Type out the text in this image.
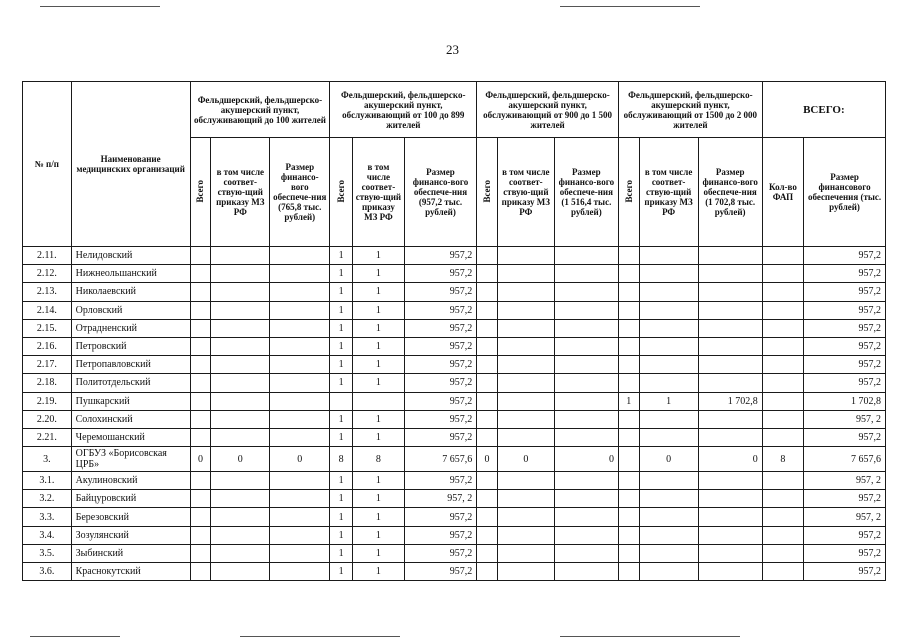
23
№ п/п	Наименование медицинских организаций	Фельдшерский, фельдшерско-акушерский пункт, обслуживающий до 100 жителей			Фельдшерский, фельдшерско-акушерский пункт, обслуживающий от 100 до 899 жителей			Фельдшерский, фельдшерско-акушерский пункт, обслуживающий от 900 до 1 500 жителей			Фельдшерский, фельдшерско-акушерский пункт, обслуживающий от 1500 до 2 000 жителей			ВСЕГО:	
		Всего	в том числе соответ-ствую-щий приказу МЗ РФ	Размер финансо-вого обеспече-ния (765,8 тыс. рублей)	Всего	в том числе соответ-ствую-щий приказу МЗ РФ	Размер финансо-вого обеспече-ния (957,2 тыс. рублей)	Всего	в том числе соответ-ствую-щий приказу МЗ РФ	Размер финансо-вого обеспече-ния (1 516,4 тыс. рублей)	Всего	в том числе соответ-ствую-щий приказу МЗ РФ	Размер финансо-вого обеспече-ния (1 702,8 тыс. рублей)	Кол-во ФАП	Размер финансового обеспечения (тыс. рублей)
2.11.	Нелидовский				1	1	957,2								957,2
2.12.	Нижнеольшанский				1	1	957,2								957,2
2.13.	Николаевский				1	1	957,2								957,2
2.14.	Орловский				1	1	957,2								957,2
2.15.	Отрадненский				1	1	957,2								957,2
2.16.	Петровский				1	1	957,2								957,2
2.17.	Петропавловский				1	1	957,2								957,2
2.18.	Политотдельский				1	1	957,2								957,2
2.19.	Пушкарский						957,2				1	1	1 702,8		1 702,8
2.20.	Солохинский				1	1	957,2								957, 2
2.21.	Черемошанский				1	1	957,2								957,2
3.	ОГБУЗ «Борисовская ЦРБ»	0	0	0	8	8	7 657,6	0	0	0		0	0	8	7 657,6
3.1.	Акулиновский				1	1	957,2								957, 2
3.2.	Байцуровский				1	1	957, 2								957,2
3.3.	Березовский				1	1	957,2								957, 2
3.4.	Зозулянский				1	1	957,2								957,2
3.5.	Зыбинский				1	1	957,2								957,2
3.6.	Краснокутский				1	1	957,2								957,2
